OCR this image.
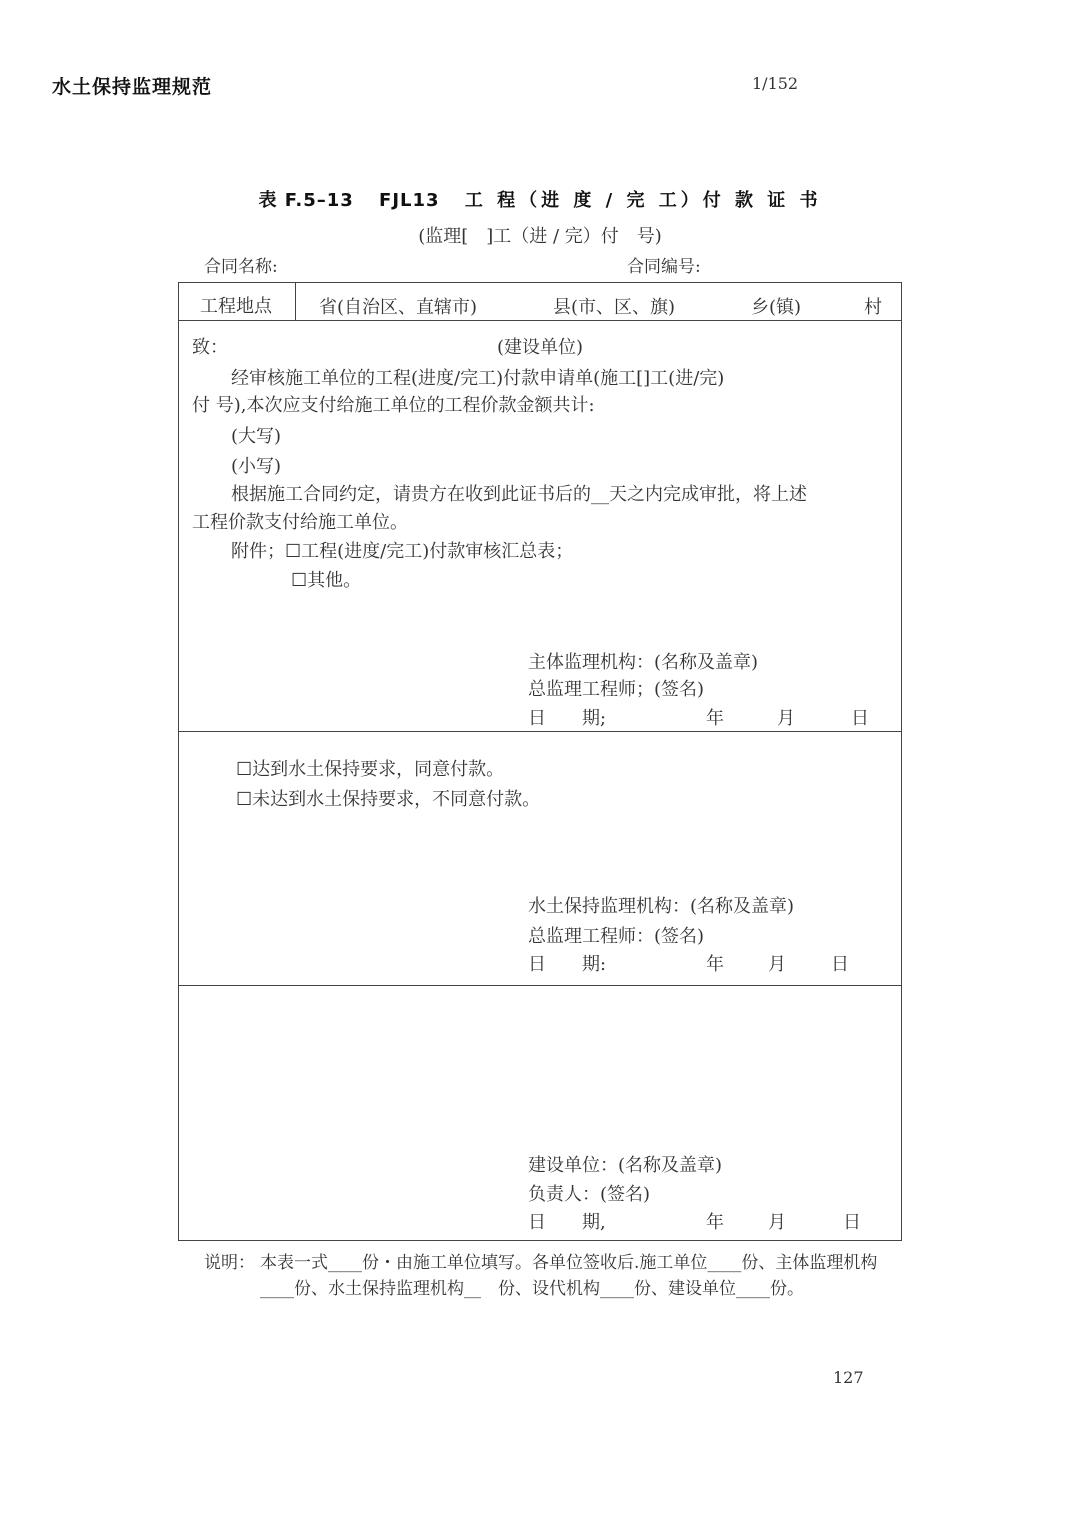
水土保持监理规范	1/152
表 F.5–13 FJL13 工 程（进 度 / 完 工）付 款 证 书
(监理[　]工（进 / 完）付　号)
合同名称:	合同编号:
工程地点	省(自治区、直辖市)	县(市、区、旗)	乡(镇)	村
致：	(建设单位)
经审核施工单位的工程(进度/完工)付款申请单(施工[]工(进/完)
付 号),本次应支付给施工单位的工程价款金额共计:
(大写)
(小写)
根据施工合同约定，请贵方在收到此证书后的__天之内完成审批，将上述
工程价款支付给施工单位。
附件；☐工程(进度/完工)付款审核汇总表；
☐其他。
主体监理机构：(名称及盖章)
总监理工程师；(签名)
日　　期;	年	月	日
☐达到水土保持要求，同意付款。
☐未达到水土保持要求，不同意付款。
水土保持监理机构：(名称及盖章)
总监理工程师：(签名)
日　　期:	年 月	日
建设单位：(名称及盖章)
负责人：(签名)
日　　期,	年 月	日
说明： 本表一式____份・由施工单位填写。各单位签收后.施工单位____份、主体监理机构____份、水土保持监理机构__　份、设代机构____份、建设单位____份。
127
